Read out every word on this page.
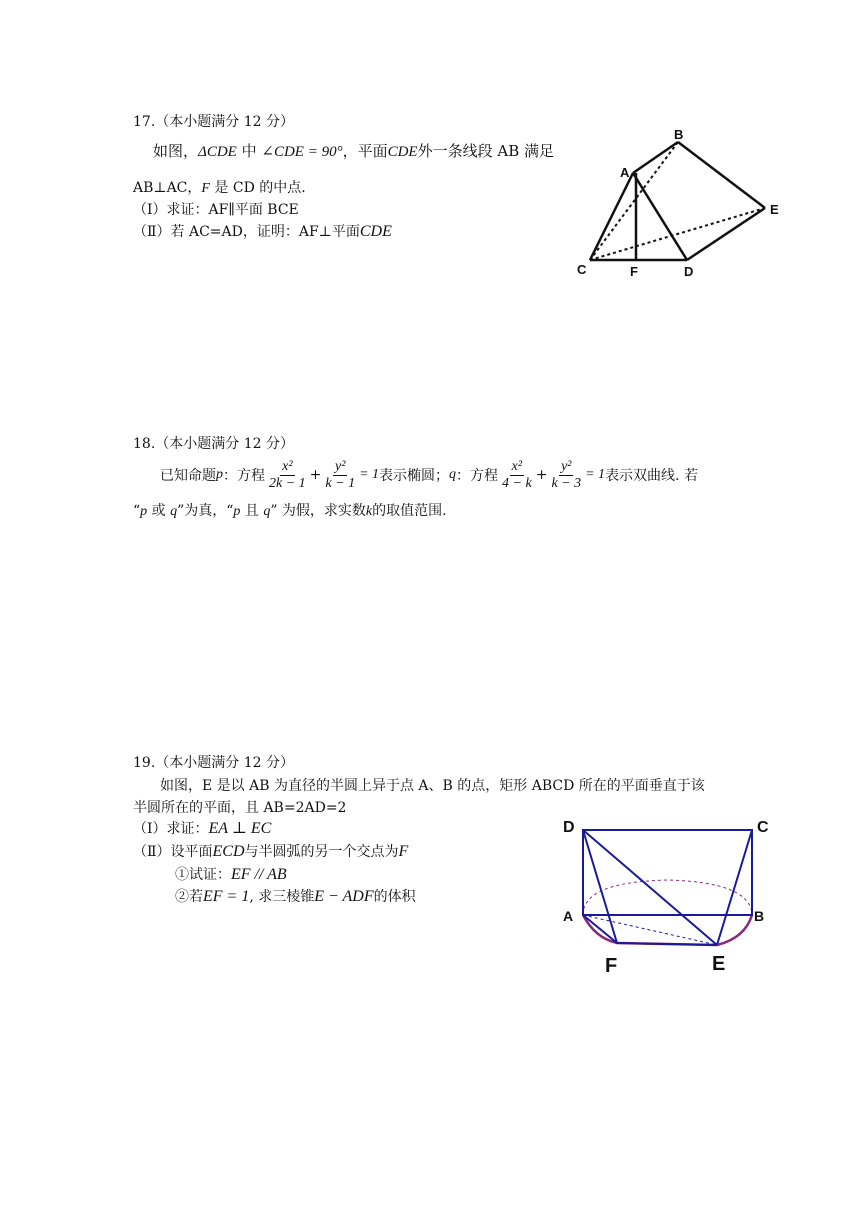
17.（本小题满分 12 分）
如图，ΔCDE 中 ∠CDE = 90°，平面CDE外一条线段 AB 满足
AB⊥AC，F 是 CD 的中点.
（Ⅰ）求证：AF∥平面 BCE
（Ⅱ）若 AC=AD，证明：AF⊥平面CDE
A
B
C	D
E
F
18.（本小题满分 12 分）
已知命题 p ：方程 $\frac{\text{x²}}{2k - 1} + \frac{\text{y²}}{k - 1} = 1$ 表示椭圆； q ：方程 $\frac{\text{x²}}{4 - k} + \frac{\text{y²}}{k - 3} = 1$ 表示双曲线. 若
“p 或 q”为真，“p 且 q” 为假，求实数k的取值范围.
19.（本小题满分 12 分）
如图，E 是以 AB 为直径的半圆上异于点 A、B 的点，矩形 ABCD 所在的平面垂直于该
半圆所在的平面，且 AB=2AD=2
（Ⅰ）求证：EA ⊥ EC
（Ⅱ）设平面ECD与半圆弧的另一个交点为F
①试证：EF // AB
②若EF = 1, 求三棱锥E − ADF的体积
D	C
A	B
F	E
